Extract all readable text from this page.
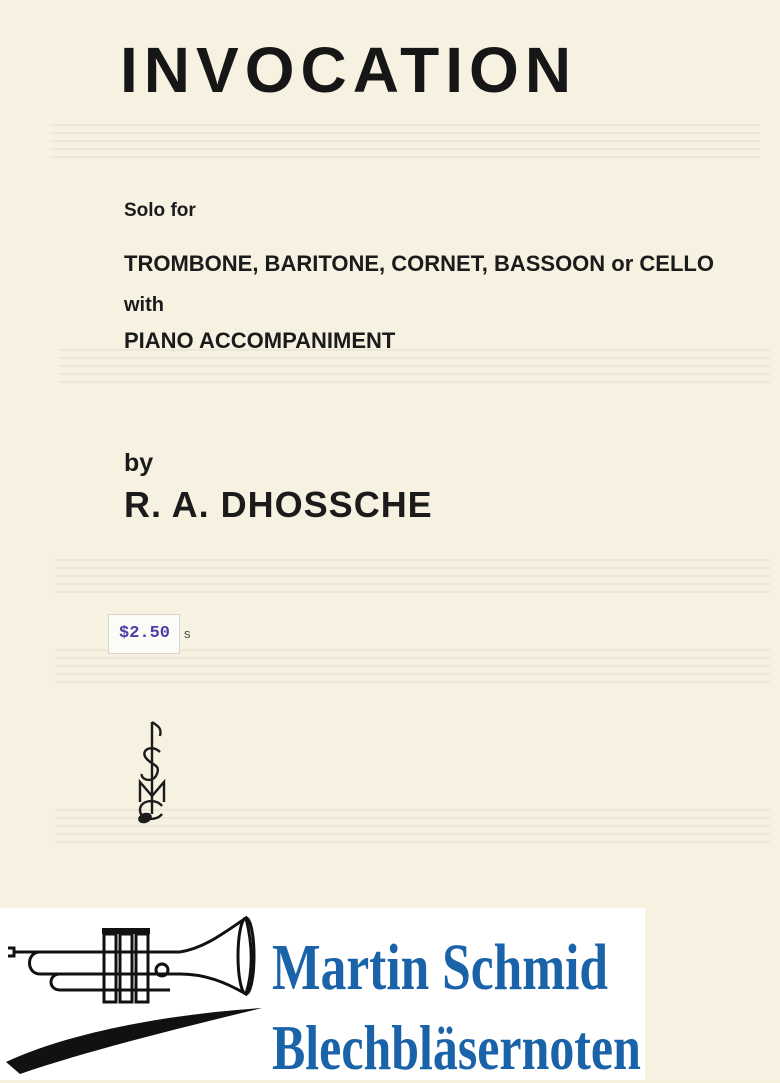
INVOCATION
Solo for
TROMBONE, BARITONE, CORNET, BASSOON or CELLO
with
PIANO ACCOMPANIMENT
by
R. A. DHOSSCHE
$2.50 s
Martin Schmid
Blechbläsernoten
